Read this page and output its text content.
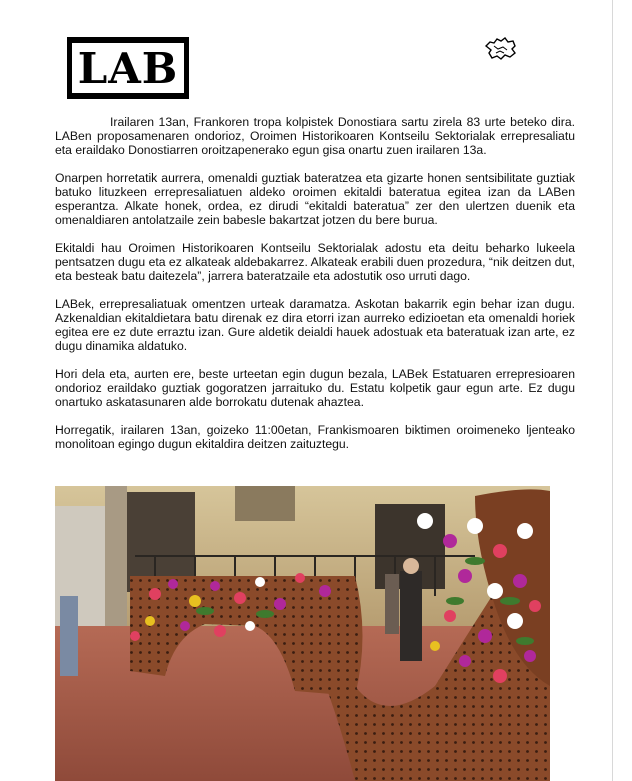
LAB

Irailaren 13an, Frankoren tropa kolpistek Donostiara sartu zirela 83 urte beteko dira. LABen proposamenaren ondorioz, Oroimen Historikoaren Kontseilu Sektorialak errepresaliatu eta eraildako Donostiarren oroitzapenerako egun gisa onartu zuen irailaren 13a.

Onarpen horretatik aurrera, omenaldi guztiak bateratzea eta gizarte honen sentsibilitate guztiak batuko lituzkeen errepresaliatuen aldeko oroimen ekitaldi bateratua egitea izan da LABen esperantza. Alkate honek, ordea, ez dirudi “ekitaldi bateratua” zer den ulertzen duenik eta omenaldiaren antolatzaile zein babesle bakartzat jotzen du bere burua.

Ekitaldi hau Oroimen Historikoaren Kontseilu Sektorialak adostu eta deitu beharko lukeela pentsatzen dugu eta ez alkateak aldebakarrez. Alkateak erabili duen prozedura, “nik deitzen dut, eta besteak batu daitezela”, jarrera bateratzaile eta adostutik oso urruti dago.

LABek, errepresaliatuak omentzen urteak daramatza. Askotan bakarrik egin behar izan dugu. Azkenaldian ekitaldietara batu direnak ez dira etorri izan aurreko edizioetan eta omenaldi horiek egitea ere ez dute erraztu izan. Gure aldetik deialdi hauek adostuak eta bateratuak izan arte, ez dugu dinamika aldatuko.

Hori dela eta, aurten ere, beste urteetan egin dugun bezala, LABek Estatuaren errepresioaren ondorioz eraildako guztiak gogoratzen jarraituko du. Estatu kolpetik gaur egun arte. Ez dugu onartuko askatasunaren alde borrokatu dutenak ahaztea.

Horregatik, irailaren 13an, goizeko 11:00etan, Frankismoaren biktimen oroimeneko ljenteako monolitoan egingo dugun ekitaldira deitzen zaituztegu.
